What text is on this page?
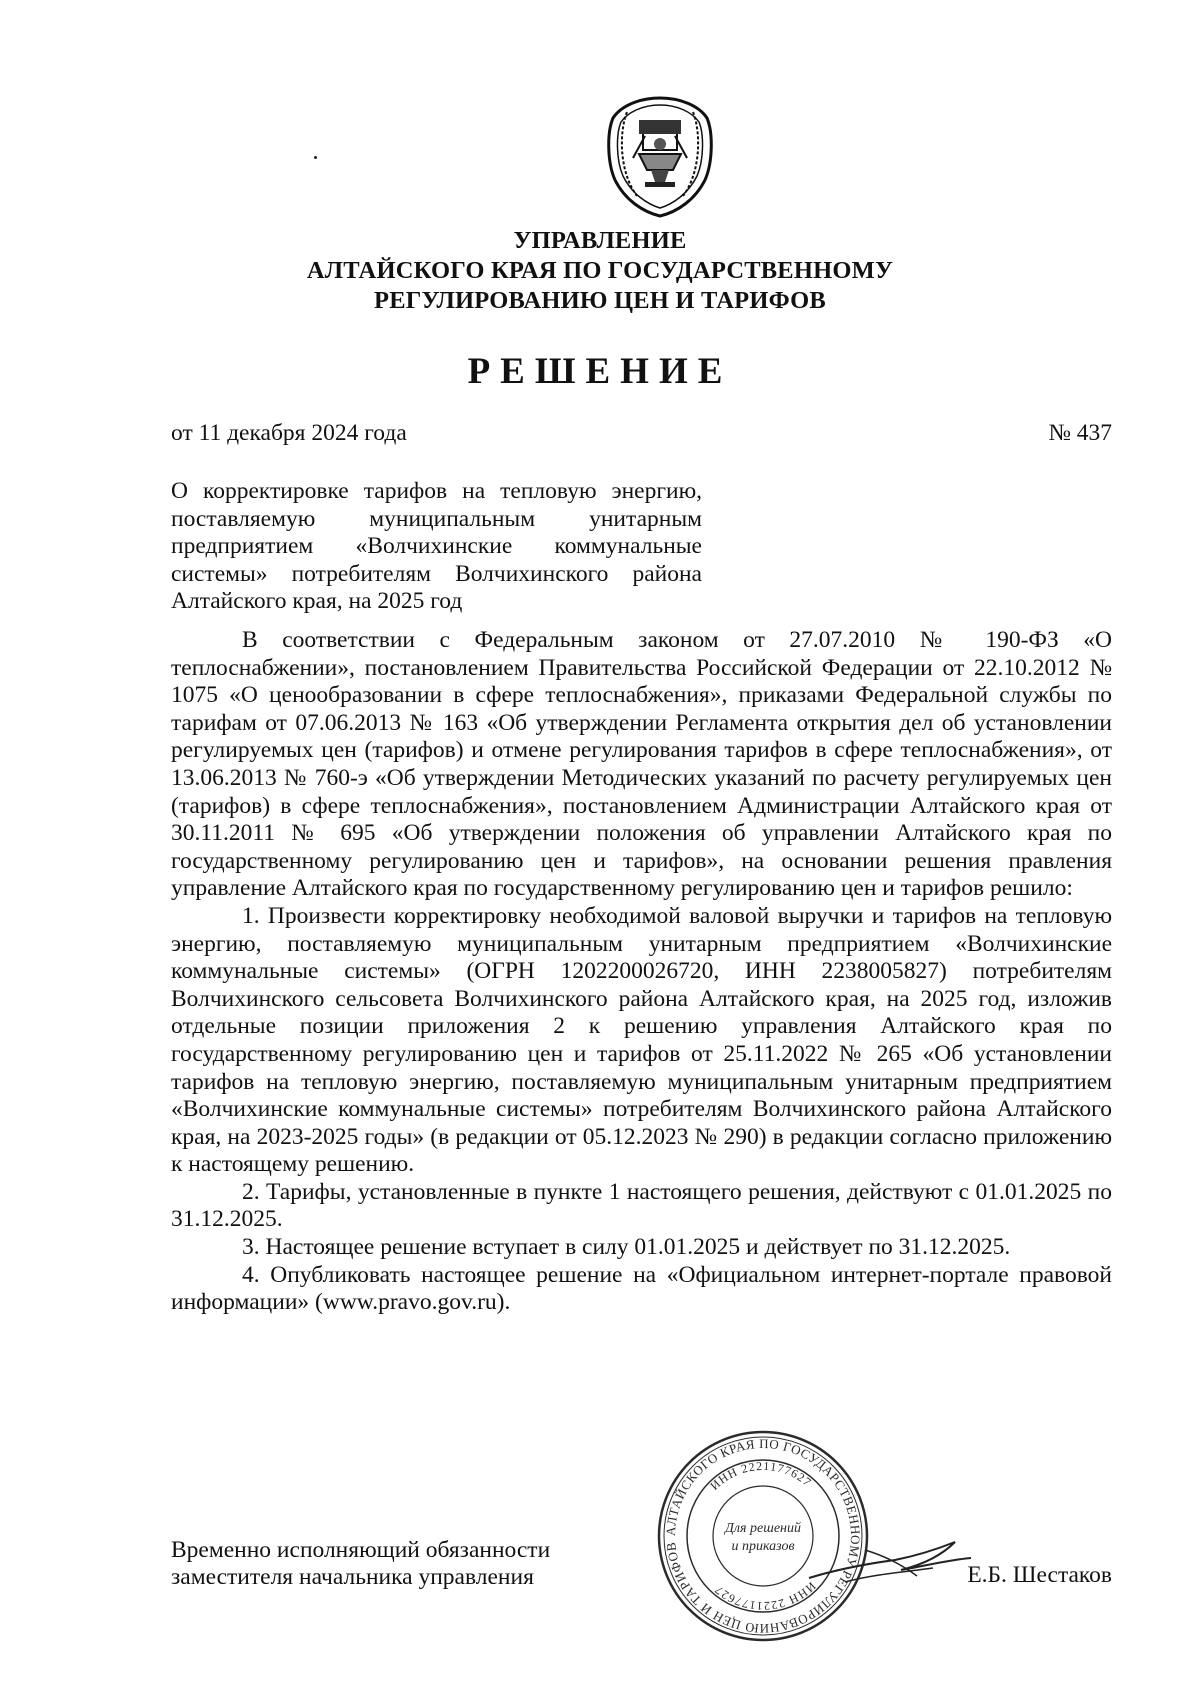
УПРАВЛЕНИЕ
АЛТАЙСКОГО КРАЯ ПО ГОСУДАРСТВЕННОМУ
РЕГУЛИРОВАНИЮ ЦЕН И ТАРИФОВ
РЕШЕНИЕ
от 11 декабря 2024 года	№ 437
О корректировке тарифов на тепловую энергию, поставляемую муниципальным унитарным предприятием «Волчихинские коммунальные системы» потребителям Волчихинского района Алтайского края, на 2025 год

В соответствии с Федеральным законом от 27.07.2010 № 190-ФЗ «О теплоснабжении», постановлением Правительства Российской Федерации от 22.10.2012 № 1075 «О ценообразовании в сфере теплоснабжения», приказами Федеральной службы по тарифам от 07.06.2013 № 163 «Об утверждении Регламента открытия дел об установлении регулируемых цен (тарифов) и отмене регулирования тарифов в сфере теплоснабжения», от 13.06.2013 № 760-э «Об утверждении Методических указаний по расчету регулируемых цен (тарифов) в сфере теплоснабжения», постановлением Администрации Алтайского края от 30.11.2011 № 695 «Об утверждении положения об управлении Алтайского края по государственному регулированию цен и тарифов», на основании решения правления управление Алтайского края по государственному регулированию цен и тарифов решило:

1. Произвести корректировку необходимой валовой выручки и тарифов на тепловую энергию, поставляемую муниципальным унитарным предприятием «Волчихинские коммунальные системы» (ОГРН 1202200026720, ИНН 2238005827) потребителям Волчихинского сельсовета Волчихинского района Алтайского края, на 2025 год, изложив отдельные позиции приложения 2 к решению управления Алтайского края по государственному регулированию цен и тарифов от 25.11.2022 № 265 «Об установлении тарифов на тепловую энергию, поставляемую муниципальным унитарным предприятием «Волчихинские коммунальные системы» потребителям Волчихинского района Алтайского края, на 2023-2025 годы» (в редакции от 05.12.2023 № 290) в редакции согласно приложению к настоящему решению.

2. Тарифы, установленные в пункте 1 настоящего решения, действуют с 01.01.2025 по 31.12.2025.

3. Настоящее решение вступает в силу 01.01.2025 и действует по 31.12.2025.

4. Опубликовать настоящее решение на «Официальном интернет-портале правовой информации» (www.pravo.gov.ru).

Временно исполняющий обязанности
заместителя начальника управления
АЛТАЙСКОГО КРАЯ ПО ГОСУДАРСТВЕННОМУ РЕГУЛИРОВАНИЮ ЦЕН И ТАРИФОВ
ИНН 2221177627
ИНН 2221177627
Для решений
и приказов
Е.Б. Шестаков
